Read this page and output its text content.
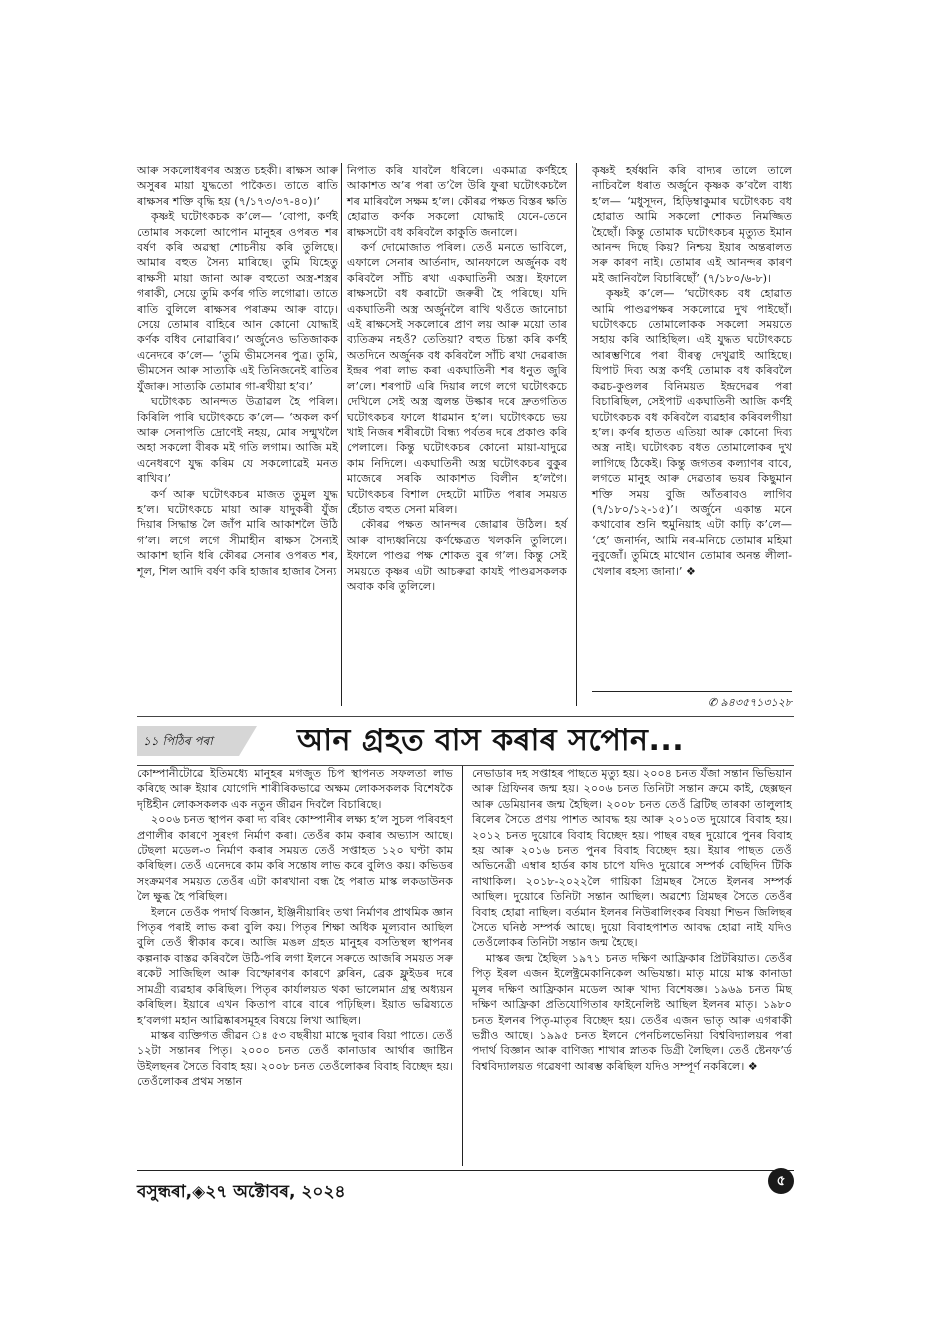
আৰু সকলোধৰণৰ অস্ত্ৰত চহকী। ৰাক্ষস আৰু অসুৰৰ মায়া যুদ্ধতো পাকৈত। তাতে ৰাতি ৰাক্ষসৰ শক্তি বৃদ্ধি হয় (৭/১৭৩/৩৭-৪০)।’

কৃষ্ণই ঘটোৎকচক ক’লে— ‘বোপা, কৰ্ণই তোমাৰ সকলো আপোন মানুহৰ ওপৰত শৰ বৰ্ষণ কৰি অৱস্থা শোচনীয় কৰি তুলিছে। আমাৰ বহুত সৈন্য মাৰিছে। তুমি যিহেতু ৰাক্ষসী মায়া জানা আৰু বহুতো অস্ত্ৰ-শস্ত্ৰৰ গৰাকী, সেয়ে তুমি কৰ্ণৰ গতি লগোৱা। তাতে ৰাতি বুলিলে ৰাক্ষসৰ পৰাক্ৰম আৰু বাঢ়ে। সেয়ে তোমাৰ বাহিৰে আন কোনো যোদ্ধাই কৰ্ণক বধিব নোৱাৰিব।’ অৰ্জুনেও ভতিজাকক এনেদৰে ক’লে— ‘তুমি ভীমসেনৰ পুত্ৰ। তুমি, ভীমসেন আৰু সাত্যকি এই তিনিজনেই ৰাতিৰ যুঁজাৰু। সাত্যকি তোমাৰ গা-ৰখীয়া হ’ব।’

ঘটোৎকচ আনন্দত উত্ৰাৱল হৈ পৰিল। কিৰিলি পাৰি ঘটোৎকচে ক’লে— ‘অকল কৰ্ণ আৰু সেনাপতি দ্ৰোণেই নহয়, মোৰ সন্মুখলৈ অহা সকলো বীৰক মই গতি লগাম। আজি মই এনেধৰণে যুদ্ধ কৰিম যে সকলোৱেই মনত ৰাখিব।’

কৰ্ণ আৰু ঘটোৎকচৰ মাজত তুমুল যুদ্ধ হ’ল। ঘটোৎকচে মায়া আৰু যাদুকৰী যুঁজ দিয়াৰ সিদ্ধান্ত লৈ জাঁপ মাৰি আকাশলৈ উঠি গ’ল। লগে লগে সীমাহীন ৰাক্ষস সৈন্যই আকাশ ছানি ধৰি কৌৰৱ সেনাৰ ওপৰত শৰ, শূল, শিল আদি বৰ্ষণ কৰি হাজাৰ হাজাৰ সৈন্য

নিপাত কৰি যাবলৈ ধৰিলে। একমাত্ৰ কৰ্ণইহে আকাশত অ’ৰ পৰা ত’লৈ উৰি ফুৰা ঘটোৎকচলৈ শৰ মাৰিবলৈ সক্ষম হ’ল। কৌৰৱ পক্ষত বিস্তৰ ক্ষতি হোৱাত কৰ্ণক সকলো যোদ্ধাই যেনে-তেনে ৰাক্ষসটো বধ কৰিবলৈ কাকুতি জনালে।

কৰ্ণ দোমোজাত পৰিল। তেওঁ মনতে ভাবিলে, এফালে সেনাৰ আৰ্তনাদ, আনফালে অৰ্জুনক বধ কৰিবলৈ সাঁচি ৰখা একঘাতিনী অস্ত্ৰ। ইফালে ৰাক্ষসটো বধ কৰাটো জৰুৰী হৈ পৰিছে। যদি একঘাতিনী অস্ত্ৰ অৰ্জুনলৈ ৰাখি থওঁতে জানোচা এই ৰাক্ষসেই সকলোৰে প্ৰাণ লয় আৰু ময়ো তাৰ ব্যতিক্ৰম নহওঁ? তেতিয়া? বহুত চিন্তা কৰি কৰ্ণই অতদিনে অৰ্জুনক বধ কৰিবলৈ সাঁচি ৰখা দেৱৰাজ ইন্দ্ৰৰ পৰা লাভ কৰা একঘাতিনী শৰ ধনুত জুৰি ল’লে। শৰপাট এৰি দিয়াৰ লগে লগে ঘটোৎকচে দেখিলে সেই অস্ত্ৰ জ্বলন্ত উল্কাৰ দৰে দ্ৰুতগতিত ঘটোৎকচৰ ফালে ধাৱমান হ’ল। ঘটোৎকচে ভয় খাই নিজৰ শৰীৰটো বিন্ধ্য পৰ্বতৰ দৰে প্ৰকাণ্ড কৰি পেলালে। কিন্তু ঘটোৎকচৰ কোনো মায়া-যাদুৱে কাম নিদিলে। একঘাতিনী অস্ত্ৰ ঘটোৎকচৰ বুকুৰ মাজেৰে সৰকি আকাশত বিলীন হ’লগৈ। ঘটোৎকচৰ বিশাল দেহটো মাটিত পৰাৰ সময়ত হেঁচাত বহুত সেনা মৰিল।

কৌৰৱ পক্ষত আনন্দৰ জোৱাৰ উঠিল। হৰ্ষ আৰু বাদ্যধ্বনিয়ে কৰ্ণক্ষেত্ৰত খলকনি তুলিলে। ইফালে পাণ্ডৱ পক্ষ শোকত বুৰ গ’ল। কিন্তু সেই সময়তে কৃষ্ণৰ এটা আচৰুৱা কাযই পাণ্ডৱসকলক অবাক কৰি তুলিলে।

কৃষ্ণই হৰ্ষধ্বনি কৰি বাদ্যৰ তালে তালে নাচিবলৈ ধৰাত অৰ্জুনে কৃষ্ণক ক’বলৈ বাধ্য হ’ল— ‘মধুসূদন, হিড়িম্বাকুমাৰ ঘটোৎকচ বধ হোৱাত আমি সকলো শোকত নিমজ্জিত হৈছোঁ। কিন্তু তোমাক ঘটোৎকচৰ মৃত্যুত ইমান আনন্দ দিছে কিয়? নিশ্চয় ইয়াৰ অন্তৰালত সৰু কাৰণ নাই। তোমাৰ এই আনন্দৰ কাৰণ মই জানিবলৈ বিচাৰিছোঁ’ (৭/১৮০/৬-৮)।

কৃষ্ণই ক’লে— ‘ঘটোৎকচ বধ হোৱাত আমি পাণ্ডৱপক্ষৰ সকলোৱে দুখ পাইছোঁ। ঘটোৎকচে তোমালোকক সকলো সময়তে সহায় কৰি আহিছিল। এই যুদ্ধত ঘটোৎকচে আৰম্ভণিৰে পৰা বীৰত্ব দেখুৱাই আহিছে। যিপাট দিব্য অস্ত্ৰ কৰ্ণই তোমাক বধ কৰিবলৈ কৱচ-কুণ্ডলৰ বিনিময়ত ইন্দ্ৰদেৱৰ পৰা বিচাৰিছিল, সেইপাট একঘাতিনী আজি কৰ্ণই ঘটোৎকচক বধ কৰিবলৈ ব্যৱহাৰ কৰিবলগীয়া হ’ল। কৰ্ণৰ হাতত এতিয়া আৰু কোনো দিব্য অস্ত্ৰ নাই। ঘটোৎকচ বধত তোমালোকৰ দুখ লাগিছে ঠিকেই। কিন্তু জগতৰ কল্যাণৰ বাবে, লগতে মানুহ আৰু দেৱতাৰ ভয়ৰ কিছুমান শক্তি সময় বুজি আঁতৰাবও লাগিব (৭/১৮০/১২-১৫)’। অৰ্জুনে একান্ত মনে কথাবোৰ শুনি হুমুনিয়াহ এটা কাঢ়ি ক’লে— ‘হে’ জনাৰ্দন, আমি নৰ-মনিচে তোমাৰ মহিমা নুবুজোঁ। তুমিহে মাথোন তোমাৰ অনন্ত লীলা-খেলাৰ ৰহস্য জানা।’ ❖

✆ ৯৪৩৫৭১৩১২৮
১১ পিঠিৰ পৰা	আন গ্ৰহত বাস কৰাৰ সপোন...

কোম্পানীটোৱে ইতিমধ্যে মানুহৰ মগজুত চিপ স্থাপনত সফলতা লাভ কৰিছে আৰু ইয়াৰ যোগেদি শাৰীৰিকভাৱে অক্ষম লোকসকলক বিশেষকৈ দৃষ্টিহীন লোকসকলক এক নতুন জীৱন দিবলৈ বিচাৰিছে।

২০০৬ চনত স্থাপন কৰা দ্য বৰিং কোম্পানীৰ লক্ষ্য হ’ল সুচল পৰিবহণ প্ৰণালীৰ কাৰণে সুৰংগ নিৰ্মাণ কৰা। তেওঁৰ কাম কৰাৰ অভ্যাস আছে। টেছলা মডেল-৩ নিৰ্মাণ কৰাৰ সময়ত তেওঁ সপ্তাহত ১২০ ঘণ্টা কাম কৰিছিল। তেওঁ এনেদৰে কাম কৰি সন্তোষ লাভ কৰে বুলিও কয়। কভিডৰ সংক্ৰমণৰ সময়ত তেওঁৰ এটা কাৰখানা বন্ধ হৈ পৰাত মাস্ক লকডাউনক লৈ ক্ষুব্ধ হৈ পৰিছিল।

ইলনে তেওঁক পদাৰ্থ বিজ্ঞান, ইঞ্জিনীয়াৰিং তথা নিৰ্মাণৰ প্ৰাথমিক জ্ঞান পিতৃৰ পৰাই লাভ কৰা বুলি কয়। পিতৃৰ শিক্ষা অধিক মূল্যবান আছিল বুলি তেওঁ স্বীকাৰ কৰে। আজি মঙল গ্ৰহত মানুহৰ বসতিস্থল স্থাপনৰ কল্পনাক বাস্তৱ কৰিবলৈ উঠি-পৰি লগা ইলনে সৰুতে আজৰি সময়ত সৰু ৰকেট সাজিছিল আৰু বিস্ফোৰণৰ কাৰণে ক্লৰিন, ব্ৰেক ফ্লুইডৰ দৰে সামগ্ৰী ব্যৱহাৰ কৰিছিল। পিতৃৰ কাৰ্যালয়ত থকা ভালেমান গ্ৰন্থ অধ্যয়ন কৰিছিল। ইয়াৰে এখন কিতাপ বাৰে বাৰে পঢ়িছিল। ইয়াত ভৱিষ্যতে হ’বলগা মহান আৱিষ্কাৰসমূহৰ বিষয়ে লিখা আছিল।

মাস্কৰ ব্যক্তিগত জীৱন ঃ ৫৩ বছৰীয়া মাস্কে দুবাৰ বিয়া পাতে। তেওঁ ১২টা সন্তানৰ পিতৃ। ২০০০ চনত তেওঁ কানাডাৰ আৰ্থাৰ জাষ্টিন উইলছনৰ সৈতে বিবাহ হয়। ২০০৮ চনত তেওঁলোকৰ বিবাহ বিচ্ছেদ হয়। তেওঁলোকৰ প্ৰথম সন্তান

নেভাডাৰ দহ সপ্তাহৰ পাছতে মৃত্যু হয়। ২০০৪ চনত যঁজা সন্তান ভিভিয়ান আৰু গ্ৰিফিনৰ জন্ম হয়। ২০০৬ চনত তিনিটা সন্তান ক্ৰমে কাই, ছেক্সছন আৰু ডেমিয়ানৰ জন্ম হৈছিল। ২০০৮ চনত তেওঁ ব্ৰিটিছ তাৰকা তালুলাহ ৰিলেৰ সৈতে প্ৰণয় পাশত আবদ্ধ হয় আৰু ২০১০ত দুয়োৰে বিবাহ হয়। ২০১২ চনত দুয়োৰে বিবাহ বিচ্ছেদ হয়। পাছৰ বছৰ দুয়োৰে পুনৰ বিবাহ হয় আৰু ২০১৬ চনত পুনৰ বিবাহ বিচ্ছেদ হয়। ইয়াৰ পাছত তেওঁ অভিনেত্ৰী এম্বাৰ হাৰ্ডৰ কাষ চাপে যদিও দুয়োৰে সম্পৰ্ক বেছিদিন টিকি নাথাকিল। ২০১৮-২০২২লৈ গায়িকা গ্ৰিমছৰ সৈতে ইলনৰ সম্পৰ্ক আছিল। দুয়োৰে তিনিটা সন্তান আছিল। অৱশ্যে গ্ৰিমছৰ সৈতে তেওঁৰ বিবাহ হোৱা নাছিল। বৰ্তমান ইলনৰ নিউৰালিংকৰ বিষয়া শিভন জিলিছৰ সৈতে ঘনিষ্ঠ সম্পৰ্ক আছে। দুয়ো বিবাহপাশত আবদ্ধ হোৱা নাই যদিও তেওঁলোকৰ তিনিটা সন্তান জন্ম হৈছে।

মাস্কৰ জন্ম হৈছিল ১৯৭১ চনত দক্ষিণ আফ্ৰিকাৰ প্ৰিটৰিয়াত। তেওঁৰ পিতৃ ইৰল এজন ইলেক্ট্ৰমেকানিকেল অভিযন্তা। মাতৃ মায়ে মাস্ক কানাডা মূলৰ দক্ষিণ আফ্ৰিকান মডেল আৰু খাদ্য বিশেষজ্ঞ। ১৯৬৯ চনত মিছ দক্ষিণ আফ্ৰিকা প্ৰতিযোগিতাৰ ফাইনেলিষ্ট আছিল ইলনৰ মাতৃ। ১৯৮০ চনত ইলনৰ পিতৃ-মাতৃৰ বিচ্ছেদ হয়। তেওঁৰ এজন ভাতৃ আৰু এগৰাকী ভগ্নীও আছে। ১৯৯৫ চনত ইলনে পেনচিলভেনিয়া বিশ্ববিদ্যালয়ৰ পৰা পদাৰ্থ বিজ্ঞান আৰু বাণিজ্য শাখাৰ স্নাতক ডিগ্ৰী লৈছিল। তেওঁ ষ্টেনফ’ৰ্ড বিশ্ববিদ্যালয়ত গৱেষণা আৰম্ভ কৰিছিল যদিও সম্পূৰ্ণ নকৰিলে। ❖

বসুন্ধৰা,◈২৭ অক্টোবৰ, ২০২৪
৫
